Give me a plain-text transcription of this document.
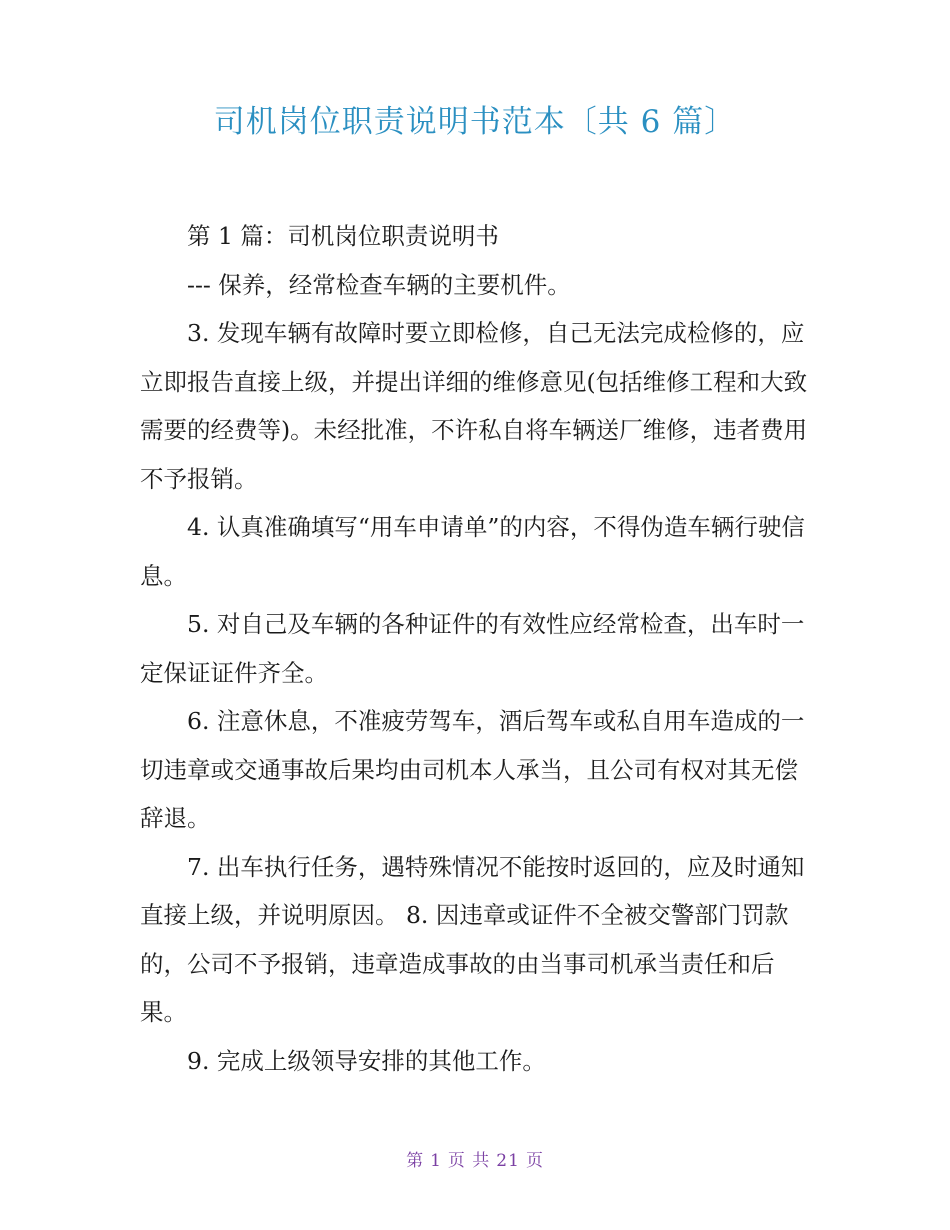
司机岗位职责说明书范本〔共 6 篇〕

第 1 篇：司机岗位职责说明书

--- 保养，经常检查车辆的主要机件。

3. 发现车辆有故障时要立即检修，自己无法完成检修的，应立即报告直接上级，并提出详细的维修意见(包括维修工程和大致需要的经费等)。未经批准，不许私自将车辆送厂维修，违者费用不予报销。

4. 认真准确填写“用车申请单”的内容，不得伪造车辆行驶信息。

5. 对自己及车辆的各种证件的有效性应经常检查，出车时一定保证证件齐全。

6. 注意休息，不准疲劳驾车，酒后驾车或私自用车造成的一切违章或交通事故后果均由司机本人承当，且公司有权对其无偿辞退。

7. 出车执行任务，遇特殊情况不能按时返回的，应及时通知直接上级，并说明原因。 8. 因违章或证件不全被交警部门罚款的，公司不予报销，违章造成事故的由当事司机承当责任和后果。

9. 完成上级领导安排的其他工作。

第 1 页 共 21 页
